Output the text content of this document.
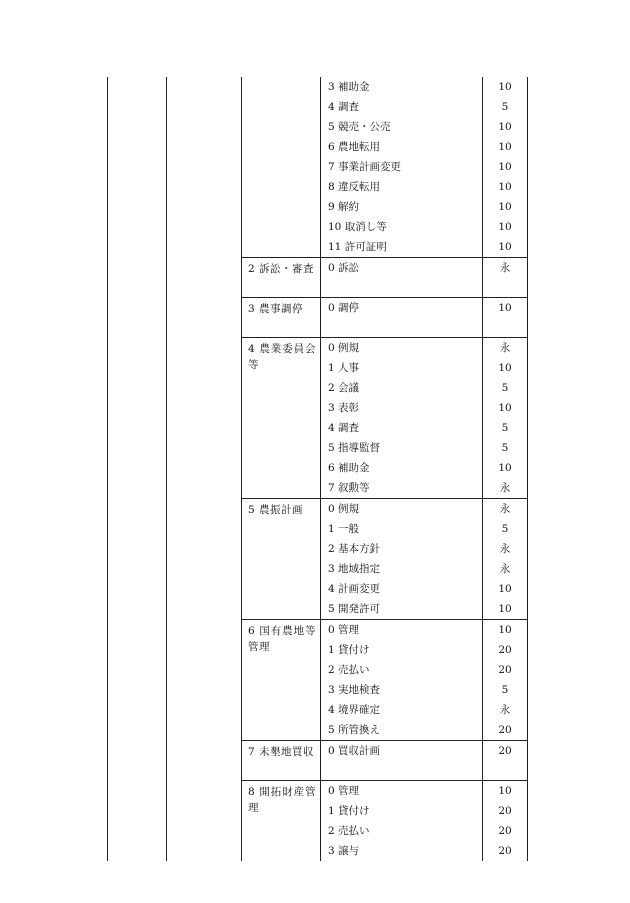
			3 補助金	10

			4 調査	5

			5 競売・公売	10

			6 農地転用	10

			7 事業計画変更	10

			8 違反転用	10

			9 解約	10

			10 取消し等	10

			11 許可証明	10

		2 訴訟・審査	0 訴訟	永

		3 農事調停	0 調停	10

		4 農業委員会等	0 例規	永

			1 人事	10

			2 会議	5

			3 表彰	10

			4 調査	5

			5 指導監督	5

			6 補助金	10

			7 叙勲等	永

		5 農振計画	0 例規	永

			1 一般	5

			2 基本方針	永

			3 地域指定	永

			4 計画変更	10

			5 開発許可	10

		6 国有農地等管理	0 管理	10

			1 貸付け	20

			2 売払い	20

			3 実地検査	5

			4 境界確定	永

			5 所管換え	20

		7 未墾地買収	0 買収計画	20

		8 開拓財産管理	0 管理	10

			1 貸付け	20

			2 売払い	20

			3 譲与	20
